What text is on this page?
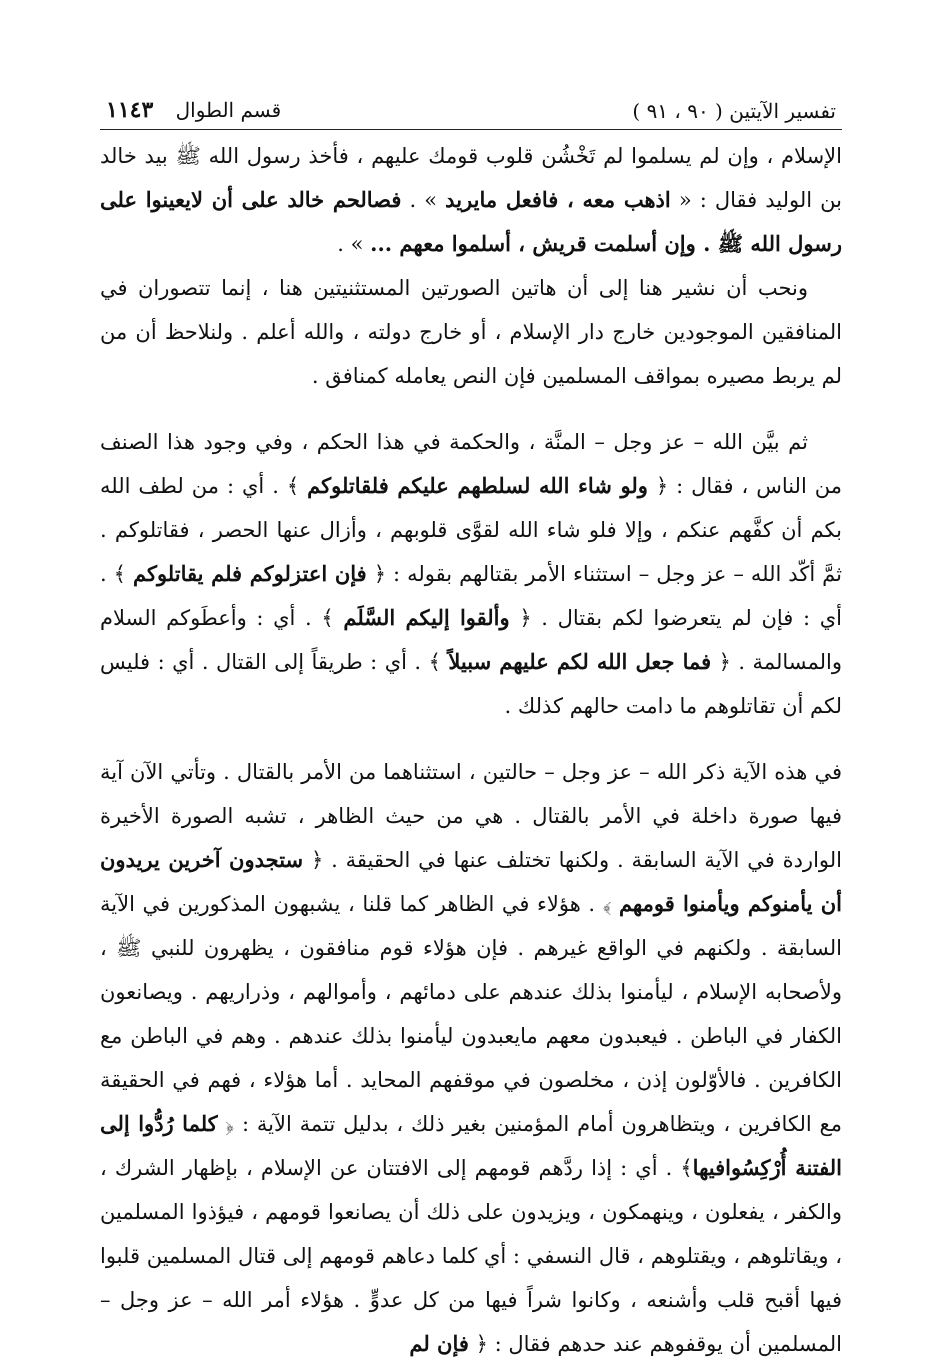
تفسير الآيتين ( ٩٠ ، ٩١ )
قسم الطوال ١١٤٣

الإسلام ، وإن لم يسلموا لم تَخْشُن قلوب قومك عليهم ، فأخذ رسول الله ﷺ بيد خالد بن الوليد فقال : « اذهب معه ، فافعل مايريد » . فصالحم خالد على أن لايعينوا على رسول الله ﷺ . وإن أسلمت قريش ، أسلموا معهم ... » .

ونحب أن نشير هنا إلى أن هاتين الصورتين المستثنيتين هنا ، إنما تتصوران في المنافقين الموجودين خارج دار الإسلام ، أو خارج دولته ، والله أعلم . ولنلاحظ أن من لم يربط مصيره بمواقف المسلمين فإن النص يعامله كمنافق .

ثم بيَّن الله – عز وجل – المنَّة ، والحكمة في هذا الحكم ، وفي وجود هذا الصنف من الناس ، فقال : ﴿ ولو شاء الله لسلطهم عليكم فلقاتلوكم ﴾ . أي : من لطف الله بكم أن كفَّهم عنكم ، وإلا فلو شاء الله لقوَّى قلوبهم ، وأزال عنها الحصر ، فقاتلوكم . ثمَّ أكّد الله – عز وجل – استثناء الأمر بقتالهم بقوله : ﴿ فإن اعتزلوكم فلم يقاتلوكم ﴾ . أي : فإن لم يتعرضوا لكم بقتال . ﴿ وألقوا إليكم السَّلَم ﴾ . أي : وأعطَوكم السلام والمسالمة . ﴿ فما جعل الله لكم عليهم سبيلاً ﴾ . أي : طريقاً إلى القتال . أي : فليس لكم أن تقاتلوهم ما دامت حالهم كذلك .

في هذه الآية ذكر الله – عز وجل – حالتين ، استثناهما من الأمر بالقتال . وتأتي الآن آية فيها صورة داخلة في الأمر بالقتال . هي من حيث الظاهر ، تشبه الصورة الأخيرة الواردة في الآية السابقة . ولكنها تختلف عنها في الحقيقة . ﴿ ستجدون آخرين يريدون أن يأمنوكم ويأمنوا قومهم ﴾ . هؤلاء في الظاهر كما قلنا ، يشبهون المذكورين في الآية السابقة . ولكنهم في الواقع غيرهم . فإن هؤلاء قوم منافقون ، يظهرون للنبي ﷺ ، ولأصحابه الإسلام ، ليأمنوا بذلك عندهم على دمائهم ، وأموالهم ، وذراريهم . ويصانعون الكفار في الباطن . فيعبدون معهم مايعبدون ليأمنوا بذلك عندهم . وهم في الباطن مع الكافرين . فالأوّلون إذن ، مخلصون في موقفهم المحايد . أما هؤلاء ، فهم في الحقيقة مع الكافرين ، ويتظاهرون أمام المؤمنين بغير ذلك ، بدليل تتمة الآية : ﴿ كلما رُدُّوا إلى الفتنة أُرْكِسُوافيها﴾ . أي : إذا ردَّهم قومهم إلى الافتتان عن الإسلام ، بإظهار الشرك ، والكفر ، يفعلون ، وينهمكون ، ويزيدون على ذلك أن يصانعوا قومهم ، فيؤذوا المسلمين ، ويقاتلوهم ، ويقتلوهم ، قال النسفي : أي كلما دعاهم قومهم إلى قتال المسلمين قلبوا فيها أقبح قلب وأشنعه ، وكانوا شراً فيها من كل عدوٍّ . هؤلاء أمر الله – عز وجل – المسلمين أن يوقفوهم عند حدهم فقال : ﴿ فإن لم
